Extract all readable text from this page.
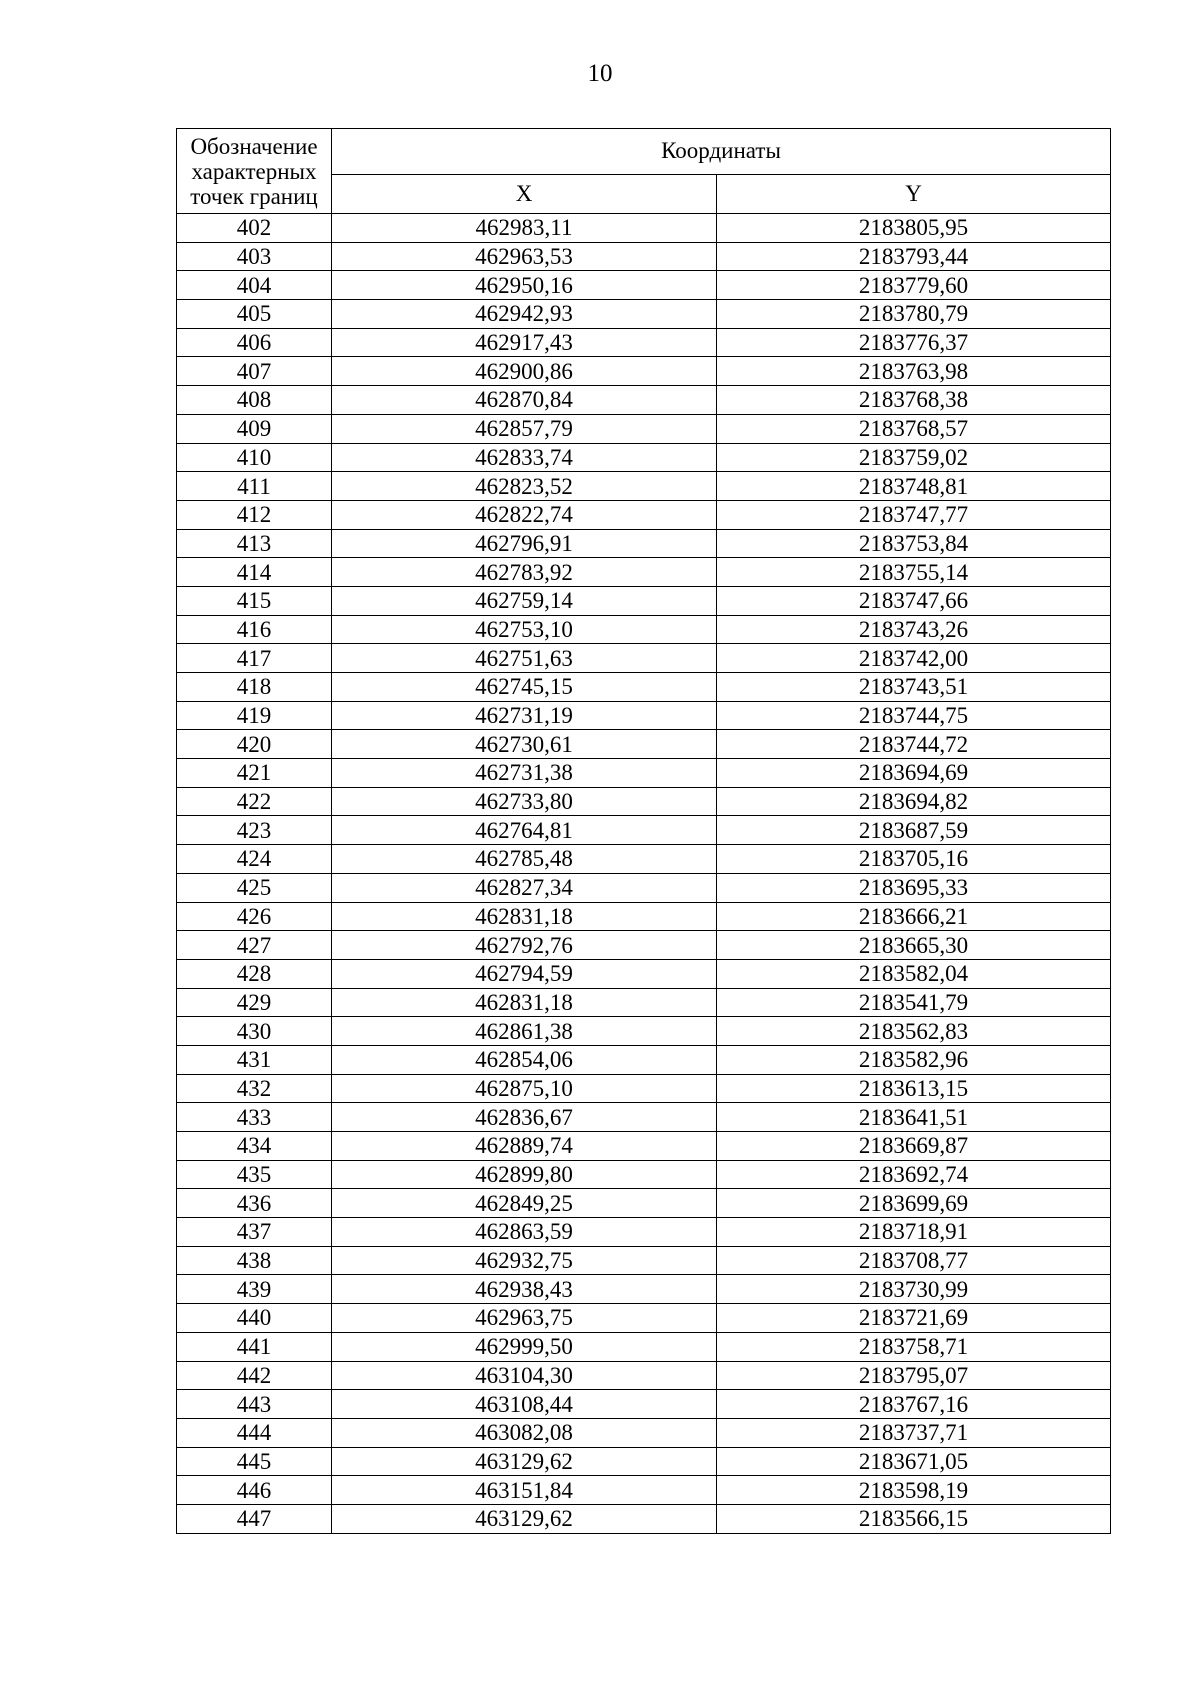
10
Обозначение характерных точек границ	Координаты	
	X	Y
402	462983,11	2183805,95
403	462963,53	2183793,44
404	462950,16	2183779,60
405	462942,93	2183780,79
406	462917,43	2183776,37
407	462900,86	2183763,98
408	462870,84	2183768,38
409	462857,79	2183768,57
410	462833,74	2183759,02
411	462823,52	2183748,81
412	462822,74	2183747,77
413	462796,91	2183753,84
414	462783,92	2183755,14
415	462759,14	2183747,66
416	462753,10	2183743,26
417	462751,63	2183742,00
418	462745,15	2183743,51
419	462731,19	2183744,75
420	462730,61	2183744,72
421	462731,38	2183694,69
422	462733,80	2183694,82
423	462764,81	2183687,59
424	462785,48	2183705,16
425	462827,34	2183695,33
426	462831,18	2183666,21
427	462792,76	2183665,30
428	462794,59	2183582,04
429	462831,18	2183541,79
430	462861,38	2183562,83
431	462854,06	2183582,96
432	462875,10	2183613,15
433	462836,67	2183641,51
434	462889,74	2183669,87
435	462899,80	2183692,74
436	462849,25	2183699,69
437	462863,59	2183718,91
438	462932,75	2183708,77
439	462938,43	2183730,99
440	462963,75	2183721,69
441	462999,50	2183758,71
442	463104,30	2183795,07
443	463108,44	2183767,16
444	463082,08	2183737,71
445	463129,62	2183671,05
446	463151,84	2183598,19
447	463129,62	2183566,15
